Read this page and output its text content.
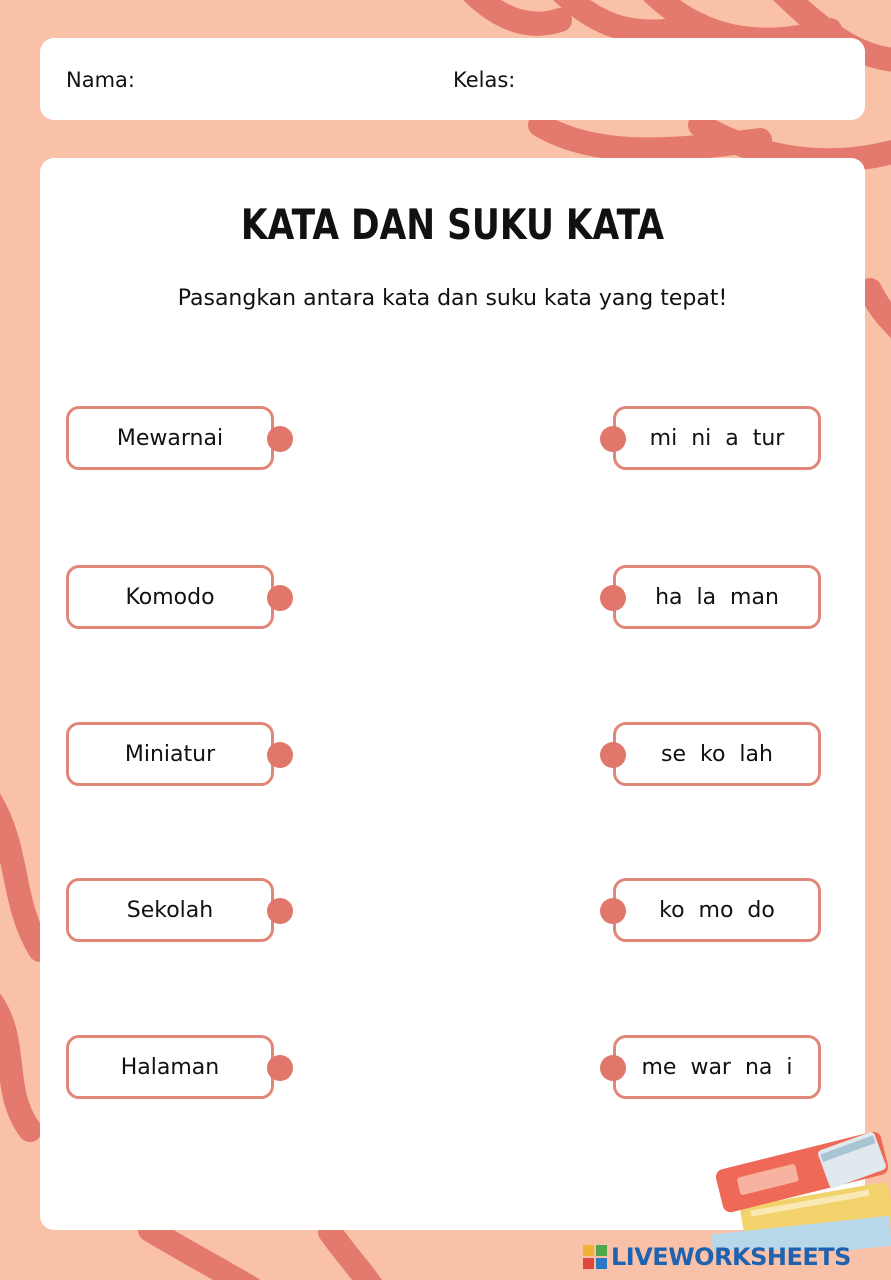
Nama:	Kelas:
KATA DAN SUKU KATA
Pasangkan antara kata dan suku kata yang tepat!
Mewarnai
Komodo
Miniatur
Sekolah
Halaman
mi  ni  a  tur
ha  la  man
se  ko  lah
ko  mo  do
me  war  na  i
LIVEWORKSHEETS
